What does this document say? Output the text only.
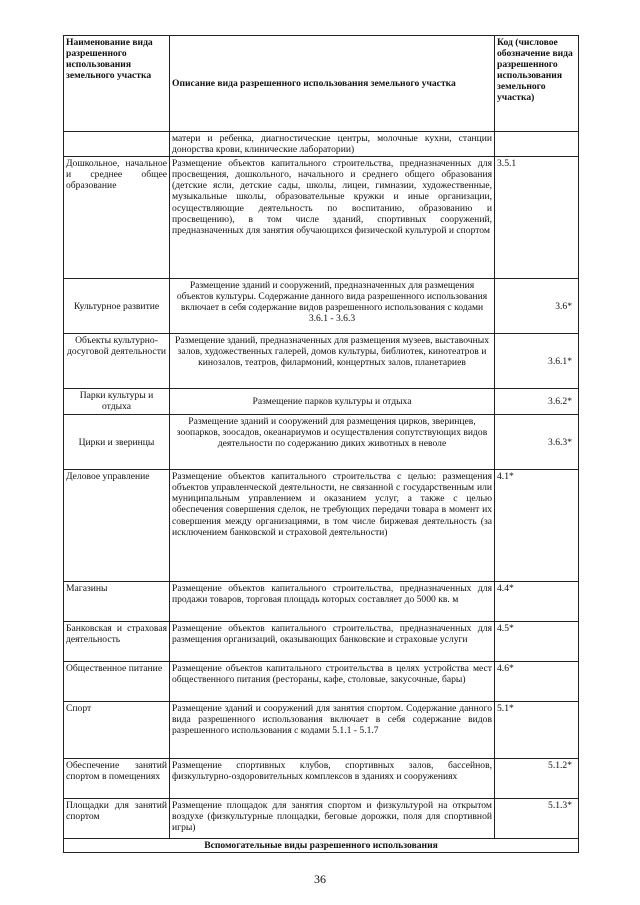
Наименование вида разрешенного использования земельного участка	Описание вида разрешенного использования земельного участка	Код (числовое обозначение вида разрешенного использования земельного участка)
	матери и ребенка, диагностические центры, молочные кухни, станции донорства крови, клинические лаборатории)	
Дошкольное, начальное и среднее общее образование	Размещение объектов капитального строительства, предназначенных для просвещения, дошкольного, начального и среднего общего образования (детские ясли, детские сады, школы, лицеи, гимназии, художественные, музыкальные школы, образовательные кружки и иные организации, осуществляющие деятельность по воспитанию, образованию и просвещению), в том числе зданий, спортивных сооружений, предназначенных для занятия обучающихся физической культурой и спортом	3.5.1
Культурное развитие	Размещение зданий и сооружений, предназначенных для размещения объектов культуры. Содержание данного вида разрешенного использования включает в себя содержание видов разрешенного использования с кодами 3.6.1 - 3.6.3	3.6*
Объекты культурно-досуговой деятельности	Размещение зданий, предназначенных для размещения музеев, выставочных залов, художественных галерей, домов культуры, библиотек, кинотеатров и кинозалов, театров, филармоний, концертных залов, планетариев	3.6.1*
Парки культуры и отдыха	Размещение парков культуры и отдыха	3.6.2*
Цирки и зверинцы	Размещение зданий и сооружений для размещения цирков, зверинцев, зоопарков, зоосадов, океанариумов и осуществления сопутствующих видов деятельности по содержанию диких животных в неволе	3.6.3*
Деловое управление	Размещение объектов капитального строительства с целью: размещения объектов управленческой деятельности, не связанной с государственным или муниципальным управлением и оказанием услуг, а также с целью обеспечения совершения сделок, не требующих передачи товара в момент их совершения между организациями, в том числе биржевая деятельность (за исключением банковской и страховой деятельности)	4.1*
Магазины	Размещение объектов капитального строительства, предназначенных для продажи товаров, торговая площадь которых составляет до 5000 кв. м	4.4*
Банковская и страховая деятельность	Размещение объектов капитального строительства, предназначенных для размещения организаций, оказывающих банковские и страховые услуги	4.5*
Общественное питание	Размещение объектов капитального строительства в целях устройства мест общественного питания (рестораны, кафе, столовые, закусочные, бары)	4.6*
Спорт	Размещение зданий и сооружений для занятия спортом. Содержание данного вида разрешенного использования включает в себя содержание видов разрешенного использования с кодами 5.1.1 - 5.1.7	5.1*
Обеспечение занятий спортом в помещениях	Размещение спортивных клубов, спортивных залов, бассейнов, физкультурно-оздоровительных комплексов в зданиях и сооружениях	5.1.2*
Площадки для занятий спортом	Размещение площадок для занятия спортом и физкультурой на открытом воздухе (физкультурные площадки, беговые дорожки, поля для спортивной игры)	5.1.3*
Вспомогательные виды разрешенного использования		
36
